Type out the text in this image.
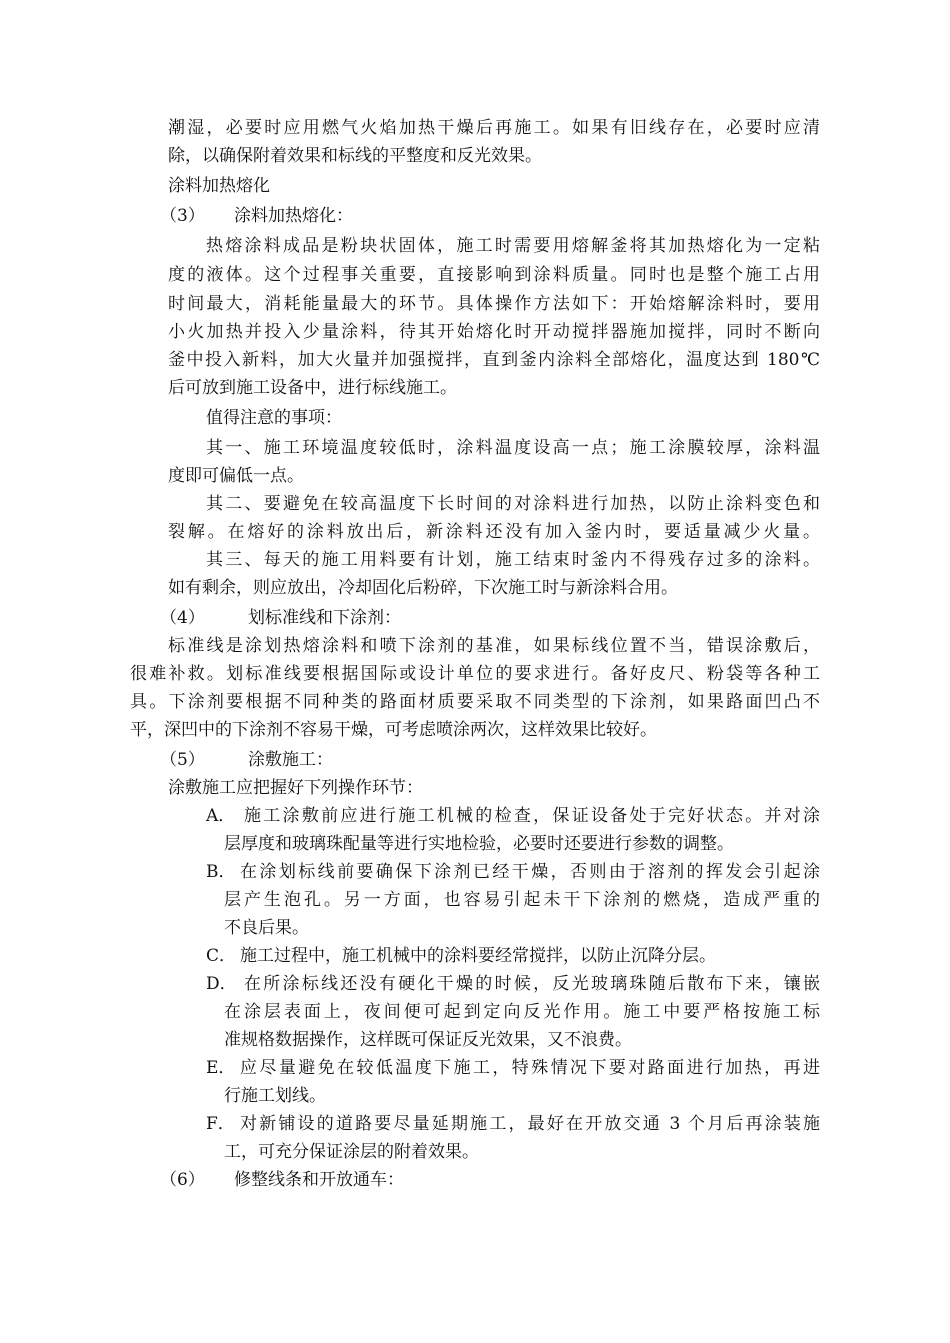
潮湿，必要时应用燃气火焰加热干燥后再施工。如果有旧线存在，必要时应清
除，以确保附着效果和标线的平整度和反光效果。
涂料加热熔化
（3） 涂料加热熔化：
热熔涂料成品是粉块状固体，施工时需要用熔解釜将其加热熔化为一定粘
度的液体。这个过程事关重要，直接影响到涂料质量。同时也是整个施工占用
时间最大，消耗能量最大的环节。具体操作方法如下：开始熔解涂料时，要用
小火加热并投入少量涂料，待其开始熔化时开动搅拌器施加搅拌，同时不断向
釜中投入新料，加大火量并加强搅拌，直到釜内涂料全部熔化，温度达到 180℃
后可放到施工设备中，进行标线施工。
值得注意的事项：
其一、施工环境温度较低时，涂料温度设高一点；施工涂膜较厚，涂料温
度即可偏低一点。
其二、要避免在较高温度下长时间的对涂料进行加热，以防止涂料变色和
裂解。在熔好的涂料放出后，新涂料还没有加入釜内时，要适量减少火量。
其三、每天的施工用料要有计划，施工结束时釜内不得残存过多的涂料。
如有剩余，则应放出，冷却固化后粉碎，下次施工时与新涂料合用。
（4）	划标准线和下涂剂：
标准线是涂划热熔涂料和喷下涂剂的基准，如果标线位置不当，错误涂敷后，
很难补救。划标准线要根据国际或设计单位的要求进行。备好皮尺、粉袋等各种工
具。下涂剂要根据不同种类的路面材质要采取不同类型的下涂剂，如果路面凹凸不
平，深凹中的下涂剂不容易干燥，可考虑喷涂两次，这样效果比较好。
（5）	涂敷施工：
涂敷施工应把握好下列操作环节：
A． 施工涂敷前应进行施工机械的检查，保证设备处于完好状态。并对涂
层厚度和玻璃珠配量等进行实地检验，必要时还要进行参数的调整。
B． 在涂划标线前要确保下涂剂已经干燥，否则由于溶剂的挥发会引起涂
层产生泡孔。另一方面，也容易引起未干下涂剂的燃烧，造成严重的
不良后果。
C． 施工过程中，施工机械中的涂料要经常搅拌，以防止沉降分层。
D． 在所涂标线还没有硬化干燥的时候，反光玻璃珠随后散布下来，镶嵌
在涂层表面上，夜间便可起到定向反光作用。施工中要严格按施工标
准规格数据操作，这样既可保证反光效果，又不浪费。
E． 应尽量避免在较低温度下施工，特殊情况下要对路面进行加热，再进
行施工划线。
F． 对新铺设的道路要尽量延期施工，最好在开放交通 3 个月后再涂装施
工，可充分保证涂层的附着效果。
（6） 修整线条和开放通车：
